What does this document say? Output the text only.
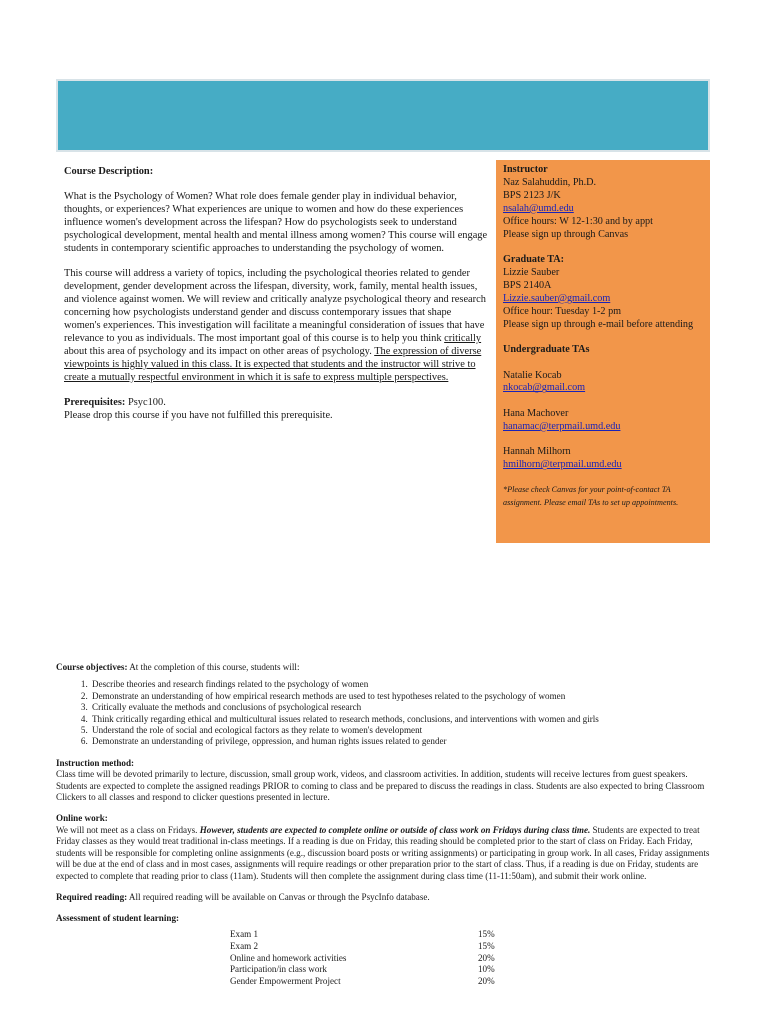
Course Description:

What is the Psychology of Women? What role does female gender play in individual behavior, thoughts, or experiences? What experiences are unique to women and how do these experiences influence women's development across the lifespan? How do psychologists seek to understand psychological development, mental health and mental illness among women? This course will engage students in contemporary scientific approaches to understanding the psychology of women.

This course will address a variety of topics, including the psychological theories related to gender development, gender development across the lifespan, diversity, work, family, mental health issues, and violence against women. We will review and critically analyze psychological theory and research concerning how psychologists understand gender and discuss contemporary issues that shape women's experiences. This investigation will facilitate a meaningful consideration of issues that have relevance to you as individuals. The most important goal of this course is to help you think critically about this area of psychology and its impact on other areas of psychology. The expression of diverse viewpoints is highly valued in this class. It is expected that students and the instructor will strive to create a mutually respectful environment in which it is safe to express multiple perspectives.

Prerequisites: Psyc100.

Please drop this course if you have not fulfilled this prerequisite.

Instructor
Naz Salahuddin, Ph.D.
BPS 2123 J/K
nsalah@umd.edu
Office hours: W 12-1:30 and by appt
Please sign up through Canvas
Graduate TA:
Lizzie Sauber
BPS 2140A
Lizzie.sauber@gmail.com
Office hour: Tuesday 1-2 pm
Please sign up through e-mail before attending
Undergraduate TAs
Natalie Kocab
nkocab@gmail.com
Hana Machover
hanamac@terpmail.umd.edu
Hannah Milhorn
hmilhorn@terpmail.umd.edu
*Please check Canvas for your point-of-contact TA assignment. Please email TAs to set up appointments.

Course objectives: At the completion of this course, students will:

1. Describe theories and research findings related to the psychology of women
2. Demonstrate an understanding of how empirical research methods are used to test hypotheses related to the psychology of women
3. Critically evaluate the methods and conclusions of psychological research
4. Think critically regarding ethical and multicultural issues related to research methods, conclusions, and interventions with women and girls
5. Understand the role of social and ecological factors as they relate to women's development
6. Demonstrate an understanding of privilege, oppression, and human rights issues related to gender
Instruction method:

Class time will be devoted primarily to lecture, discussion, small group work, videos, and classroom activities. In addition, students will receive lectures from guest speakers. Students are expected to complete the assigned readings PRIOR to coming to class and be prepared to discuss the readings in class. Students are also expected to bring Classroom Clickers to all classes and respond to clicker questions presented in lecture.

Online work:

We will not meet as a class on Fridays. However, students are expected to complete online or outside of class work on Fridays during class time. Students are expected to treat Friday classes as they would treat traditional in-class meetings. If a reading is due on Friday, this reading should be completed prior to the start of class on Friday. Each Friday, students will be responsible for completing online assignments (e.g., discussion board posts or writing assignments) or participating in group work. In all cases, Friday assignments will be due at the end of class and in most cases, assignments will require readings or other preparation prior to the start of class. Thus, if a reading is due on Friday, students are expected to complete that reading prior to class (11am). Students will then complete the assignment during class time (11-11:50am), and submit their work online.

Required reading: All required reading will be available on Canvas or through the PsycInfo database.

Assessment of student learning:
Exam 1	15%
Exam 2	15%
Online and homework activities	20%
Participation/in class work	10%
Gender Empowerment Project	20%
